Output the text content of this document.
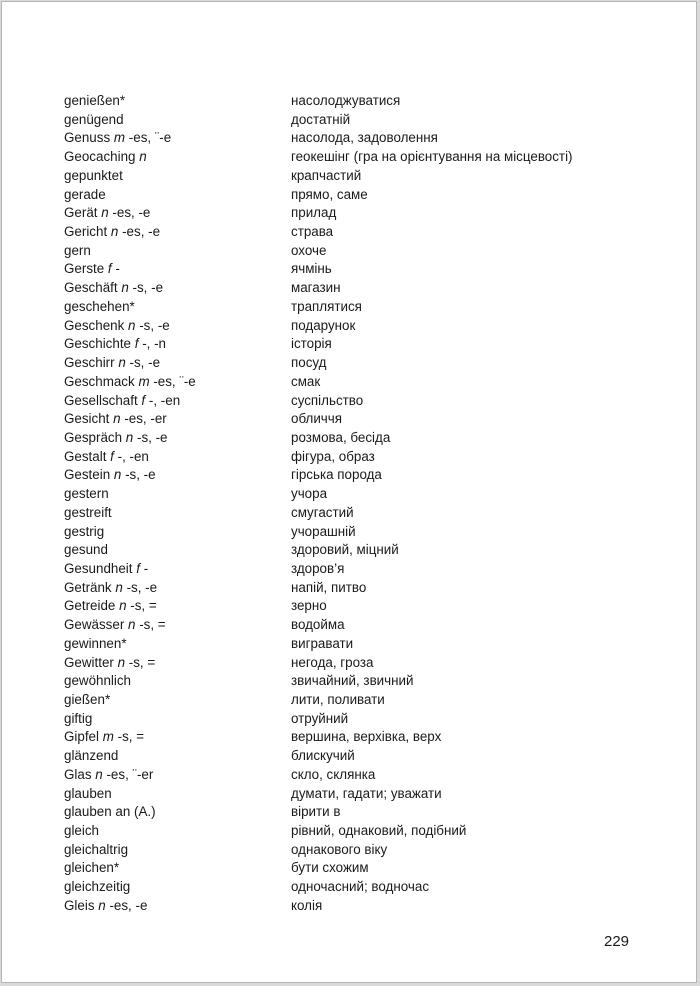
genießen*	насолоджуватися
genügend	достатній
Genuss m -es, ¨-e	насолода, задоволення
Geocaching n	геокешінг (гра на орієнтування на місцевості)
gepunktet	крапчастий
gerade	прямо, саме
Gerät n -es, -e	прилад
Gericht n -es, -e	страва
gern	охоче
Gerste f -	ячмінь
Geschäft n -s, -e	магазин
geschehen*	траплятися
Geschenk n -s, -e	подарунок
Geschichte f -, -n	історія
Geschirr n -s, -e	посуд
Geschmack m -es, ¨-e	смак
Gesellschaft f -, -en	суспільство
Gesicht n -es, -er	обличчя
Gespräch n -s, -e	розмова, бесіда
Gestalt f -, -en	фігура, образ
Gestein n -s, -e	гірська порода
gestern	учора
gestreift	смугастий
gestrig	учорашній
gesund	здоровий, міцний
Gesundheit f -	здоров’я
Getränk n -s, -e	напій, питво
Getreide n -s, =	зерно
Gewässer n -s, =	водойма
gewinnen*	вигравати
Gewitter n -s, =	негода, гроза
gewöhnlich	звичайний, звичний
gießen*	лити, поливати
giftig	отруйний
Gipfel m -s, =	вершина, верхівка, верх
glänzend	блискучий
Glas n -es, ¨-er	скло, склянка
glauben	думати, гадати; уважати
glauben an (A.)	вірити в
gleich	рівний, однаковий, подібний
gleichaltrig	однакового віку
gleichen*	бути схожим
gleichzeitig	одночасний; водночас
Gleis n -es, -e	колія
229
